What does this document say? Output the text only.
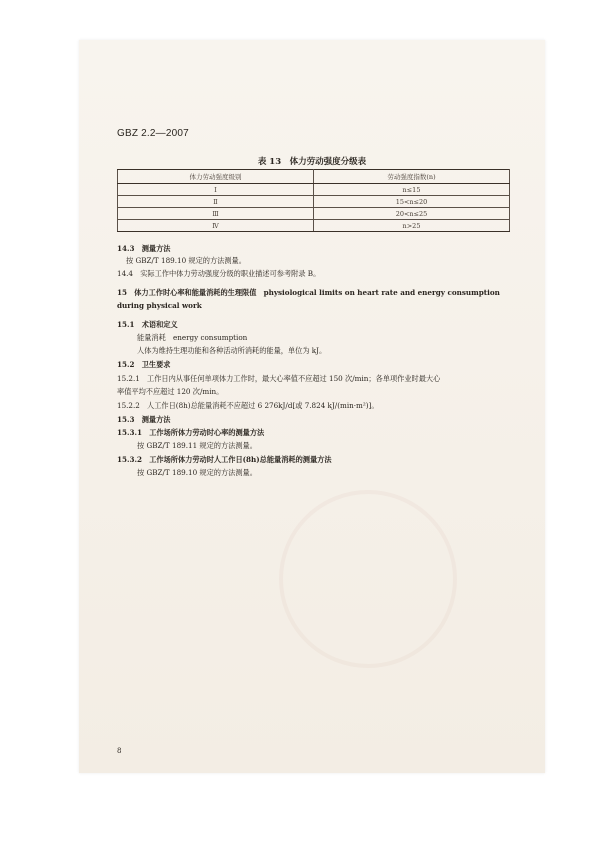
GBZ 2.2—2007
表 13　体力劳动强度分级表
体力劳动强度级别	劳动强度指数(n)
Ⅰ	n≤15
Ⅱ	15<n≤20
Ⅲ	20<n≤25
Ⅳ	n>25
14.3　测量方法
按 GBZ/T 189.10 规定的方法测量。
14.4　实际工作中体力劳动强度分级的职业描述可参考附录 B。
15　体力工作时心率和能量消耗的生理限值　physiological limits on heart rate and energy consumption
during physical work
15.1　术语和定义
能量消耗　energy consumption
人体为维持生理功能和各种活动所消耗的能量，单位为 kJ。
15.2　卫生要求
15.2.1　工作日内从事任何单项体力工作时，最大心率值不应超过 150 次/min；各单项作业时最大心
率值平均不应超过 120 次/min。
15.2.2　人工作日(8h)总能量消耗不应超过 6 276kJ/d[或 7.824 kJ/(min·m²)]。
15.3　测量方法
15.3.1　工作场所体力劳动时心率的测量方法
按 GBZ/T 189.11 规定的方法测量。
15.3.2　工作场所体力劳动时人工作日(8h)总能量消耗的测量方法
按 GBZ/T 189.10 规定的方法测量。
8
